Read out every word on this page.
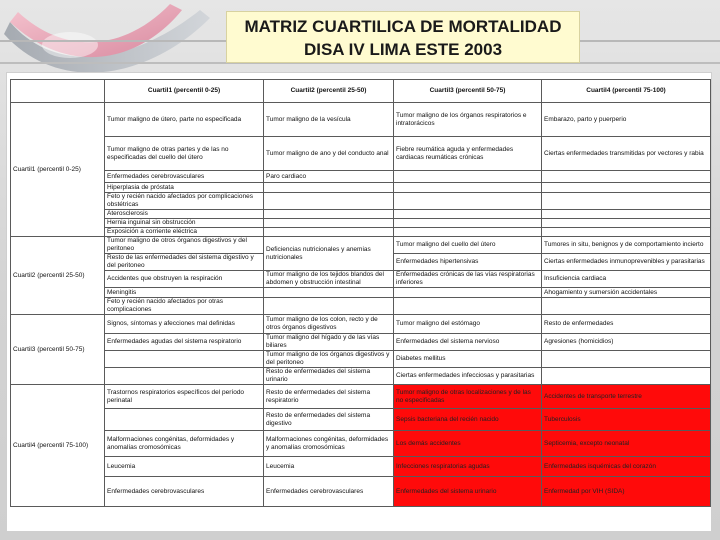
MATRIZ CUARTILICA DE MORTALIDAD
DISA IV LIMA ESTE 2003
	Cuartil1 (percentil 0-25)	Cuartil2 (percentil 25-50)	Cuartil3 (percentil 50-75)	Cuartil4 (percentil 75-100)
Cuartil1 (percentil 0-25)	Tumor maligno de útero, parte no especificada	Tumor maligno de la vesícula	Tumor maligno de los órganos respiratorios e intratorácicos	Embarazo, parto y puerperio
	Tumor maligno de otras partes y de las no especificadas del cuello del útero	Tumor maligno de ano y del conducto anal	Fiebre reumática aguda y enfermedades cardiacas reumáticas crónicas	Ciertas enfermedades transmitidas por vectores y rabia
	Enfermedades cerebrovasculares	Paro cardiaco		
	Hiperplasia de próstata			
	Feto y recién nacido afectados por complicaciones obstétricas			
	Aterosclerosis			
	Hernia inguinal sin obstrucción			
	Exposición a corriente eléctrica			
Cuartil2 (percentil 25-50)	Tumor maligno de otros órganos digestivos y del peritoneo	Deficiencias nutricionales y anemias nutricionales	Tumor maligno del cuello del útero	Tumores in situ, benignos y de comportamiento incierto
	Resto de las enfermedades del sistema digestivo y del peritoneo		Enfermedades hipertensivas	Ciertas enfermedades inmunoprevenibles y parasitarias
	Accidentes que obstruyen la respiración	Tumor maligno de los tejidos blandos del abdomen y obstrucción intestinal	Enfermedades crónicas de las vías respiratorias inferiores	Insuficiencia cardiaca
	Meningitis			Ahogamiento y sumersión accidentales
	Feto y recién nacido afectados por otras complicaciones			
Cuartil3 (percentil 50-75)	Signos, síntomas y afecciones mal definidas	Tumor maligno de los colon, recto y de otros órganos digestivos	Tumor maligno del estómago	Resto de enfermedades
	Enfermedades agudas del sistema respiratorio	Tumor maligno del hígado y de las vías biliares	Enfermedades del sistema nervioso	Agresiones (homicidios)
		Tumor maligno de los órganos digestivos y del peritoneo	Diabetes mellitus	
		Resto de enfermedades del sistema urinario	Ciertas enfermedades infecciosas y parasitarias	
Cuartil4 (percentil 75-100)	Trastornos respiratorios específicos del período perinatal	Resto de enfermedades del sistema respiratorio	Tumor maligno de otras localizaciones y de las no especificadas	Accidentes de transporte terrestre
		Resto de enfermedades del sistema digestivo	Sepsis bacteriana del recién nacido	Tuberculosis
	Malformaciones congénitas, deformidades y anomalías cromosómicas	Malformaciones congénitas, deformidades y anomalías cromosómicas	Los demás accidentes	Septicemia, excepto neonatal
	Leucemia	Leucemia	Infecciones respiratorias agudas	Enfermedades isquémicas del corazón
	Enfermedades cerebrovasculares	Enfermedades cerebrovasculares	Enfermedades del sistema urinario	Enfermedad por VIH (SIDA)
